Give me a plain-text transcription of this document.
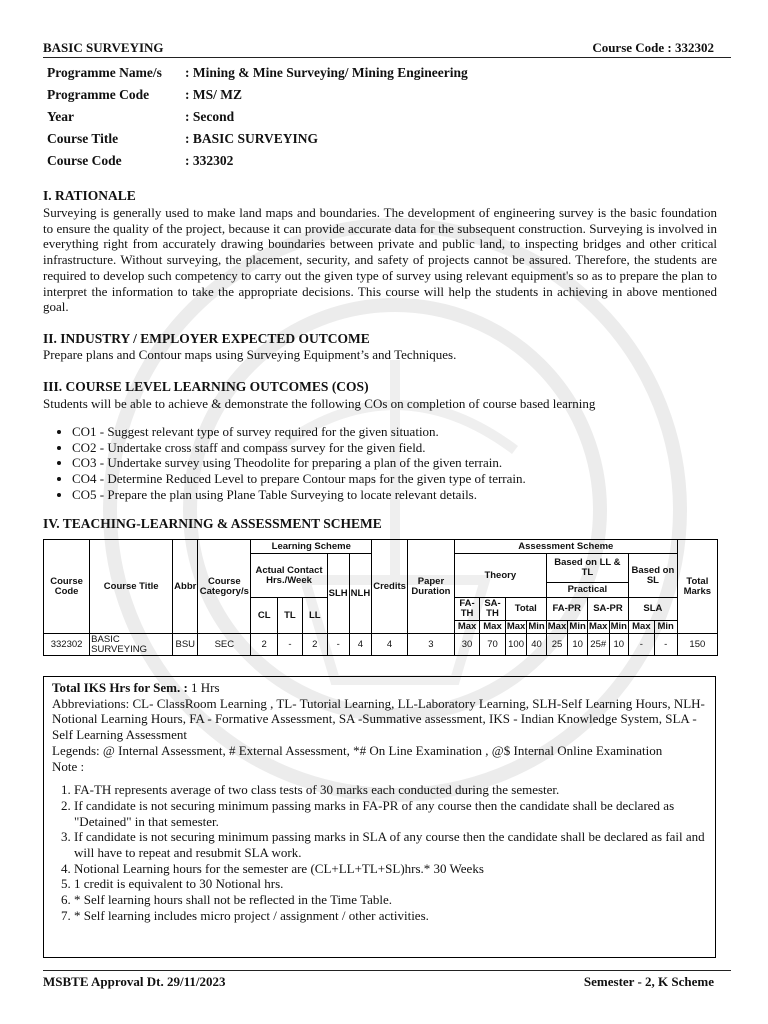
BASIC SURVEYING	Course Code : 332302
Programme Name/s	: Mining & Mine Surveying/ Mining Engineering
Programme Code	: MS/ MZ
Year	: Second
Course Title	: BASIC SURVEYING
Course Code	: 332302
I. RATIONALE
Surveying is generally used to make land maps and boundaries. The development of engineering survey is the basic foundation to ensure the quality of the project, because it can provide accurate data for the subsequent construction. Surveying is involved in everything right from accurately drawing boundaries between private and public land, to inspecting bridges and other critical infrastructure. Without surveying, the placement, security, and safety of projects cannot be assured. Therefore, the students are required to develop such competency to carry out the given type of survey using relevant equipment's so as to prepare the plan to interpret the information to take the appropriate decisions. This course will help the students in achieving in above mentioned goal.
II. INDUSTRY / EMPLOYER EXPECTED OUTCOME
Prepare plans and Contour maps using Surveying Equipment’s and Techniques.
III. COURSE LEVEL LEARNING OUTCOMES (COS)
Students will be able to achieve & demonstrate the following COs on completion of course based learning
• CO1 - Suggest relevant type of survey required for the given situation.
• CO2 - Undertake cross staff and compass survey for the given field.
• CO3 - Undertake survey using Theodolite for preparing a plan of the given terrain.
• CO4 - Determine Reduced Level to prepare Contour maps for the given type of terrain.
• CO5 - Prepare the plan using Plane Table Surveying to locate relevant details.
IV. TEACHING-LEARNING & ASSESSMENT SCHEME
Course Code	Course Title	Abbr	Course Category/s	Learning Scheme					Credits	Paper Duration	Assessment Scheme										Total Marks
				Actual Contact Hrs./Week			SLH	NLH			Theory				Based on LL & TL				Based on SL		
															Practical						
				CL	TL	LL					FA-TH	SA-TH	Total		FA-PR		SA-PR		SLA		
											Max	Max	Max	Min	Max	Min	Max	Min	Max	Min	
332302	BASIC SURVEYING	BSU	SEC	2	-	2	-	4	4	3	30	70	100	40	25	10	25#	10	-	-	150
Total IKS Hrs for Sem. : 1 Hrs
Abbreviations: CL- ClassRoom Learning , TL- Tutorial Learning, LL-Laboratory Learning, SLH-Self Learning Hours, NLH-Notional Learning Hours, FA - Formative Assessment, SA -Summative assessment, IKS - Indian Knowledge System, SLA - Self Learning Assessment
Legends: @ Internal Assessment, # External Assessment, *# On Line Examination , @$ Internal Online Examination
Note :
1. FA-TH represents average of two class tests of 30 marks each conducted during the semester.
2. If candidate is not securing minimum passing marks in FA-PR of any course then the candidate shall be declared as "Detained" in that semester.
3. If candidate is not securing minimum passing marks in SLA of any course then the candidate shall be declared as fail and will have to repeat and resubmit SLA work.
4. Notional Learning hours for the semester are (CL+LL+TL+SL)hrs.* 30 Weeks
5. 1 credit is equivalent to 30 Notional hrs.
6. * Self learning hours shall not be reflected in the Time Table.
7. * Self learning includes micro project / assignment / other activities.
MSBTE Approval Dt. 29/11/2023	Semester - 2, K Scheme
